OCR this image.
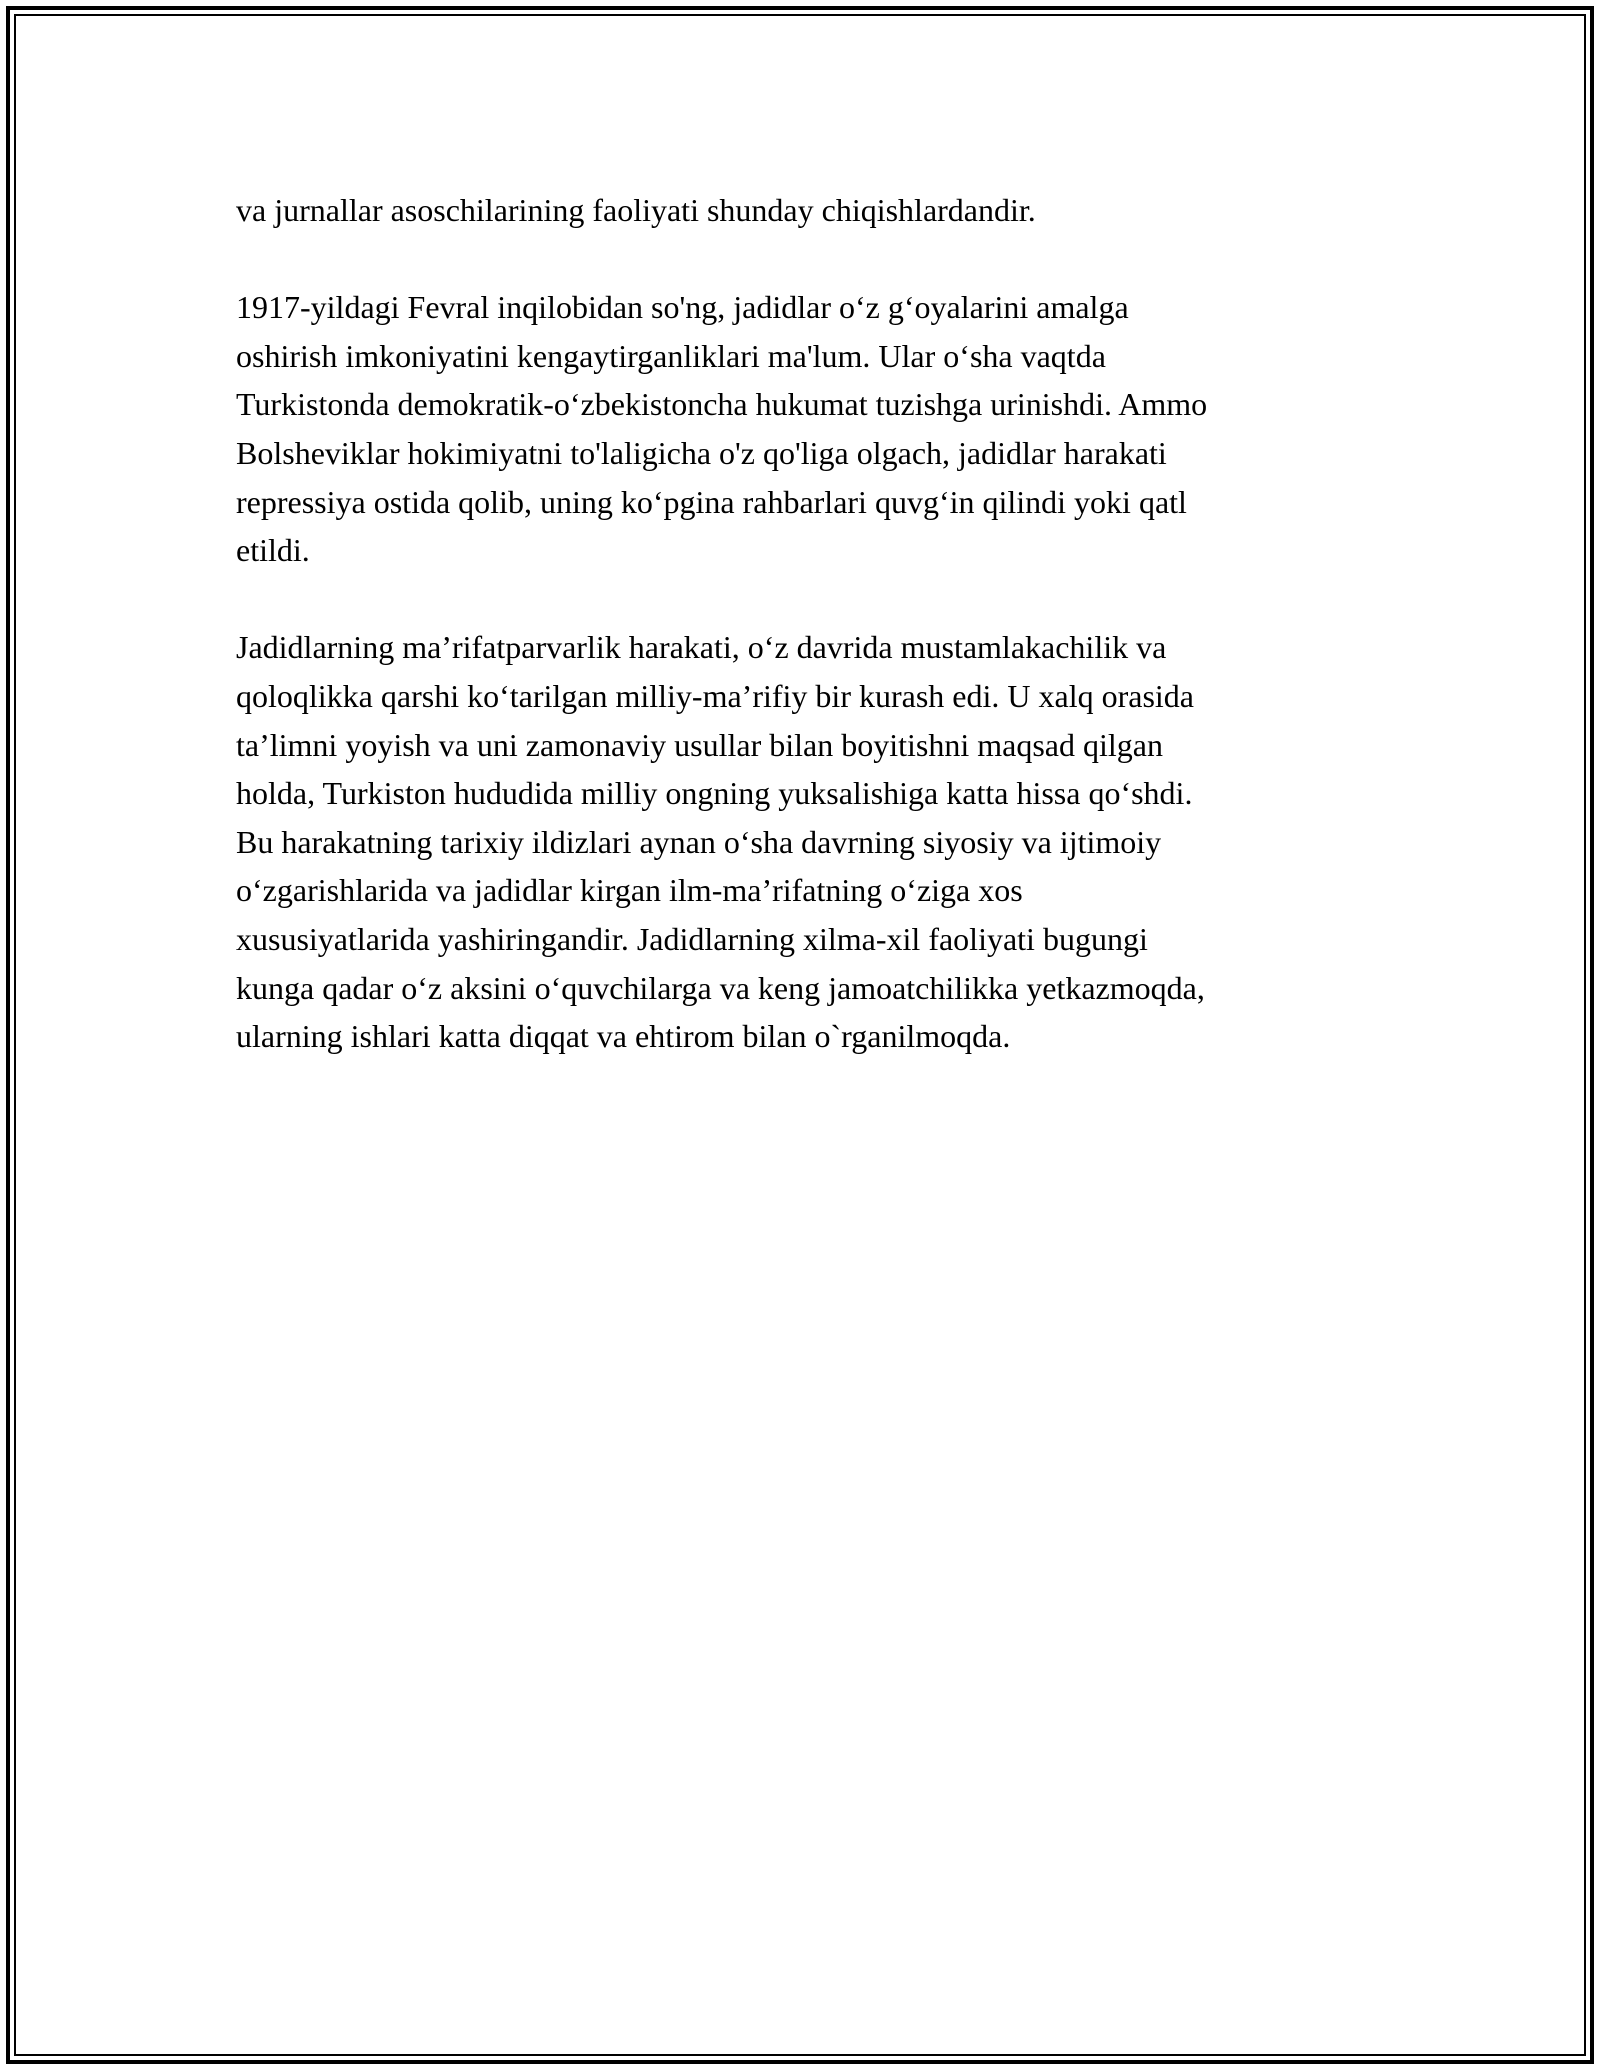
va jurnallar asoschilarining faoliyati shunday chiqishlardandir.

1917-yildagi Fevral inqilobidan so'ng, jadidlar o‘z g‘oyalarini amalga
oshirish imkoniyatini kengaytirganliklari ma'lum. Ular o‘sha vaqtda
Turkistonda demokratik-o‘zbekistoncha hukumat tuzishga urinishdi. Ammo
Bolsheviklar hokimiyatni to'laligicha o'z qo'liga olgach, jadidlar harakati
repressiya ostida qolib, uning ko‘pgina rahbarlari quvg‘in qilindi yoki qatl
etildi.

Jadidlarning ma’rifatparvarlik harakati, o‘z davrida mustamlakachilik va
qoloqlikka qarshi ko‘tarilgan milliy-ma’rifiy bir kurash edi. U xalq orasida
ta’limni yoyish va uni zamonaviy usullar bilan boyitishni maqsad qilgan
holda, Turkiston hududida milliy ongning yuksalishiga katta hissa qo‘shdi.
Bu harakatning tarixiy ildizlari aynan o‘sha davrning siyosiy va ijtimoiy
o‘zgarishlarida va jadidlar kirgan ilm-ma’rifatning o‘ziga xos
xususiyatlarida yashiringandir. Jadidlarning xilma-xil faoliyati bugungi
kunga qadar o‘z aksini o‘quvchilarga va keng jamoatchilikka yetkazmoqda,
ularning ishlari katta diqqat va ehtirom bilan o`rganilmoqda.
